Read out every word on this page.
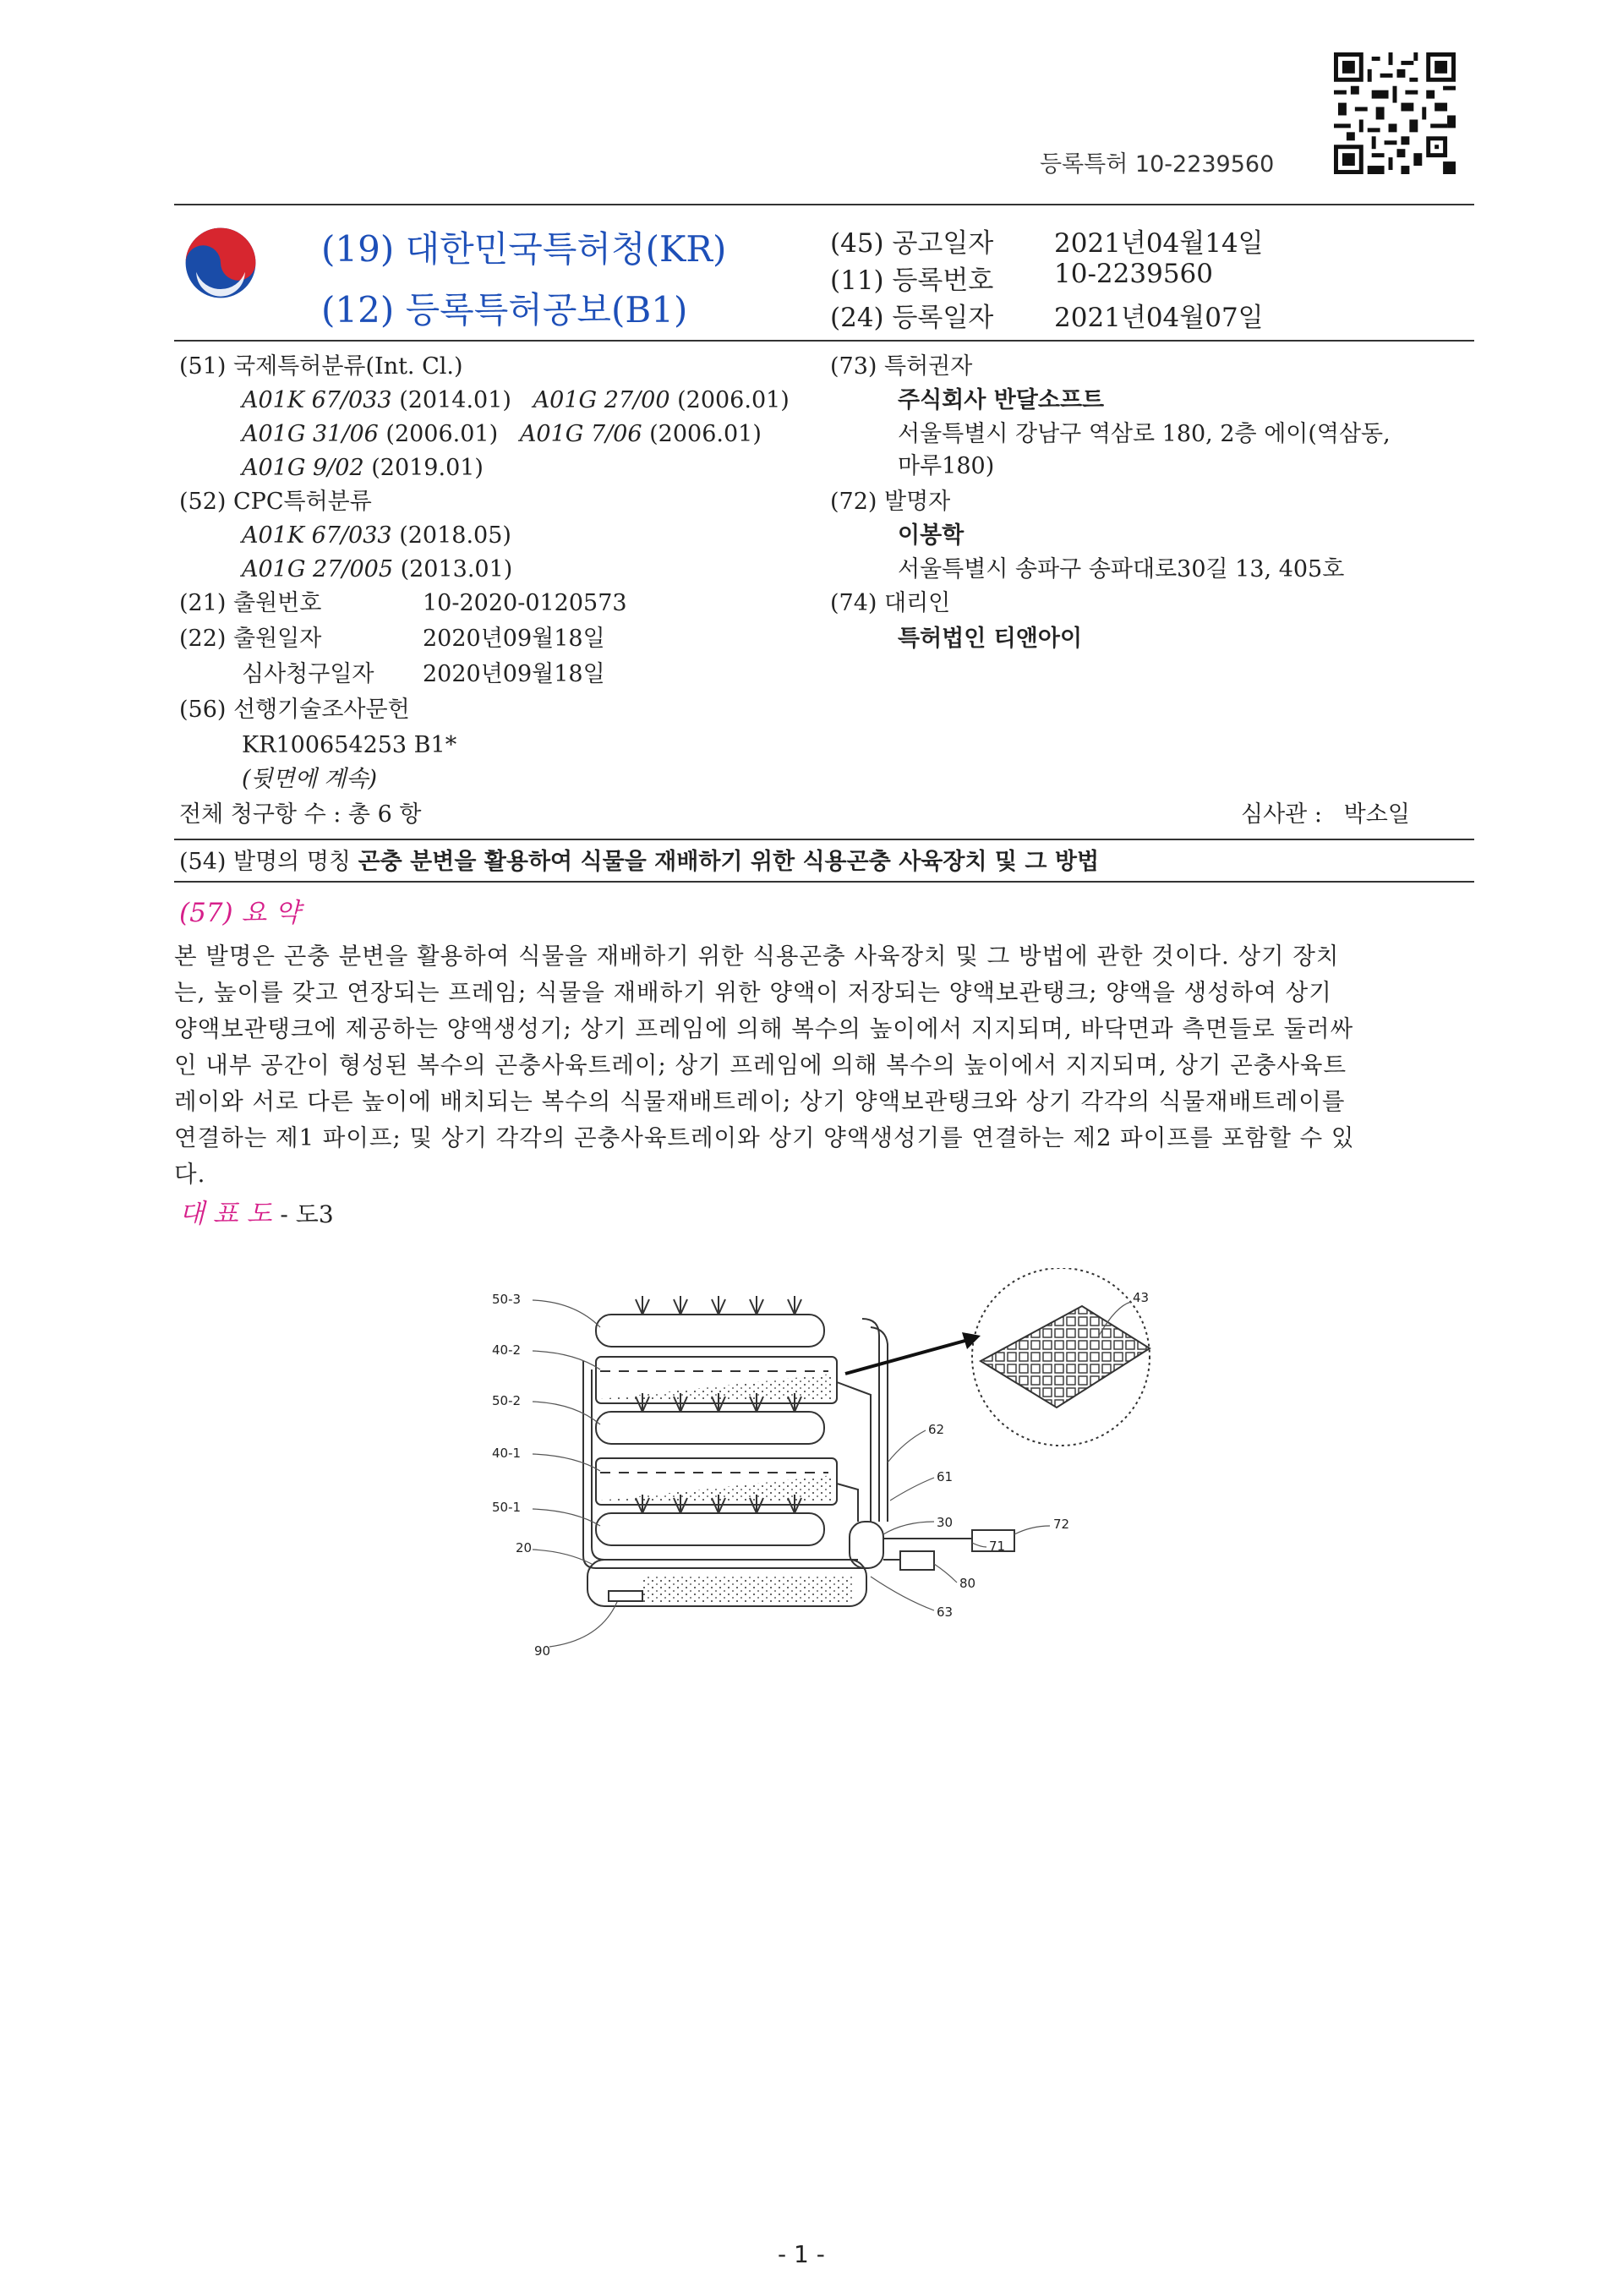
등록특허 10-2239560
(19) 대한민국특허청(KR)
(12) 등록특허공보(B1)
(45) 공고일자 2021년04월14일
(11) 등록번호 10-2239560
(24) 등록일자 2021년04월07일
(51) 국제특허분류(Int. Cl.)
A01K 67/033 (2014.01) A01G 27/00 (2006.01)
A01G 31/06 (2006.01) A01G 7/06 (2006.01)
A01G 9/02 (2019.01)
(52) CPC특허분류
A01K 67/033 (2018.05)
A01G 27/005 (2013.01)
(21) 출원번호	10-2020-0120573
(22) 출원일자	2020년09월18일
심사청구일자 2020년09월18일
(56) 선행기술조사문헌
KR100654253 B1*
(뒷면에 계속)
전체 청구항 수 : 총 6 항
(73) 특허권자
주식회사 반달소프트
서울특별시 강남구 역삼로 180, 2층 에이(역삼동,
마루180)
(72) 발명자
이봉학
서울특별시 송파구 송파대로30길 13, 405호
(74) 대리인
특허법인 티앤아이
심사관 :   박소일
(54) 발명의 명칭 곤충 분변을 활용하여 식물을 재배하기 위한 식용곤충 사육장치 및 그 방법
(57) 요 약
본 발명은 곤충 분변을 활용하여 식물을 재배하기 위한 식용곤충 사육장치 및 그 방법에 관한 것이다. 상기 장치
는, 높이를 갖고 연장되는 프레임; 식물을 재배하기 위한 양액이 저장되는 양액보관탱크; 양액을 생성하여 상기
양액보관탱크에 제공하는 양액생성기; 상기 프레임에 의해 복수의 높이에서 지지되며, 바닥면과 측면들로 둘러싸
인 내부 공간이 형성된 복수의 곤충사육트레이; 상기 프레임에 의해 복수의 높이에서 지지되며, 상기 곤충사육트
레이와 서로 다른 높이에 배치되는 복수의 식물재배트레이; 상기 양액보관탱크와 상기 각각의 식물재배트레이를
연결하는 제1 파이프; 및 상기 각각의 곤충사육트레이와 상기 양액생성기를 연결하는 제2 파이프를 포함할 수 있
다.
대 표 도 - 도3
50-3
40-2
50-2
40-1
50-1
20
90
43
62
61
30
71
72
80
63
- 1 -
